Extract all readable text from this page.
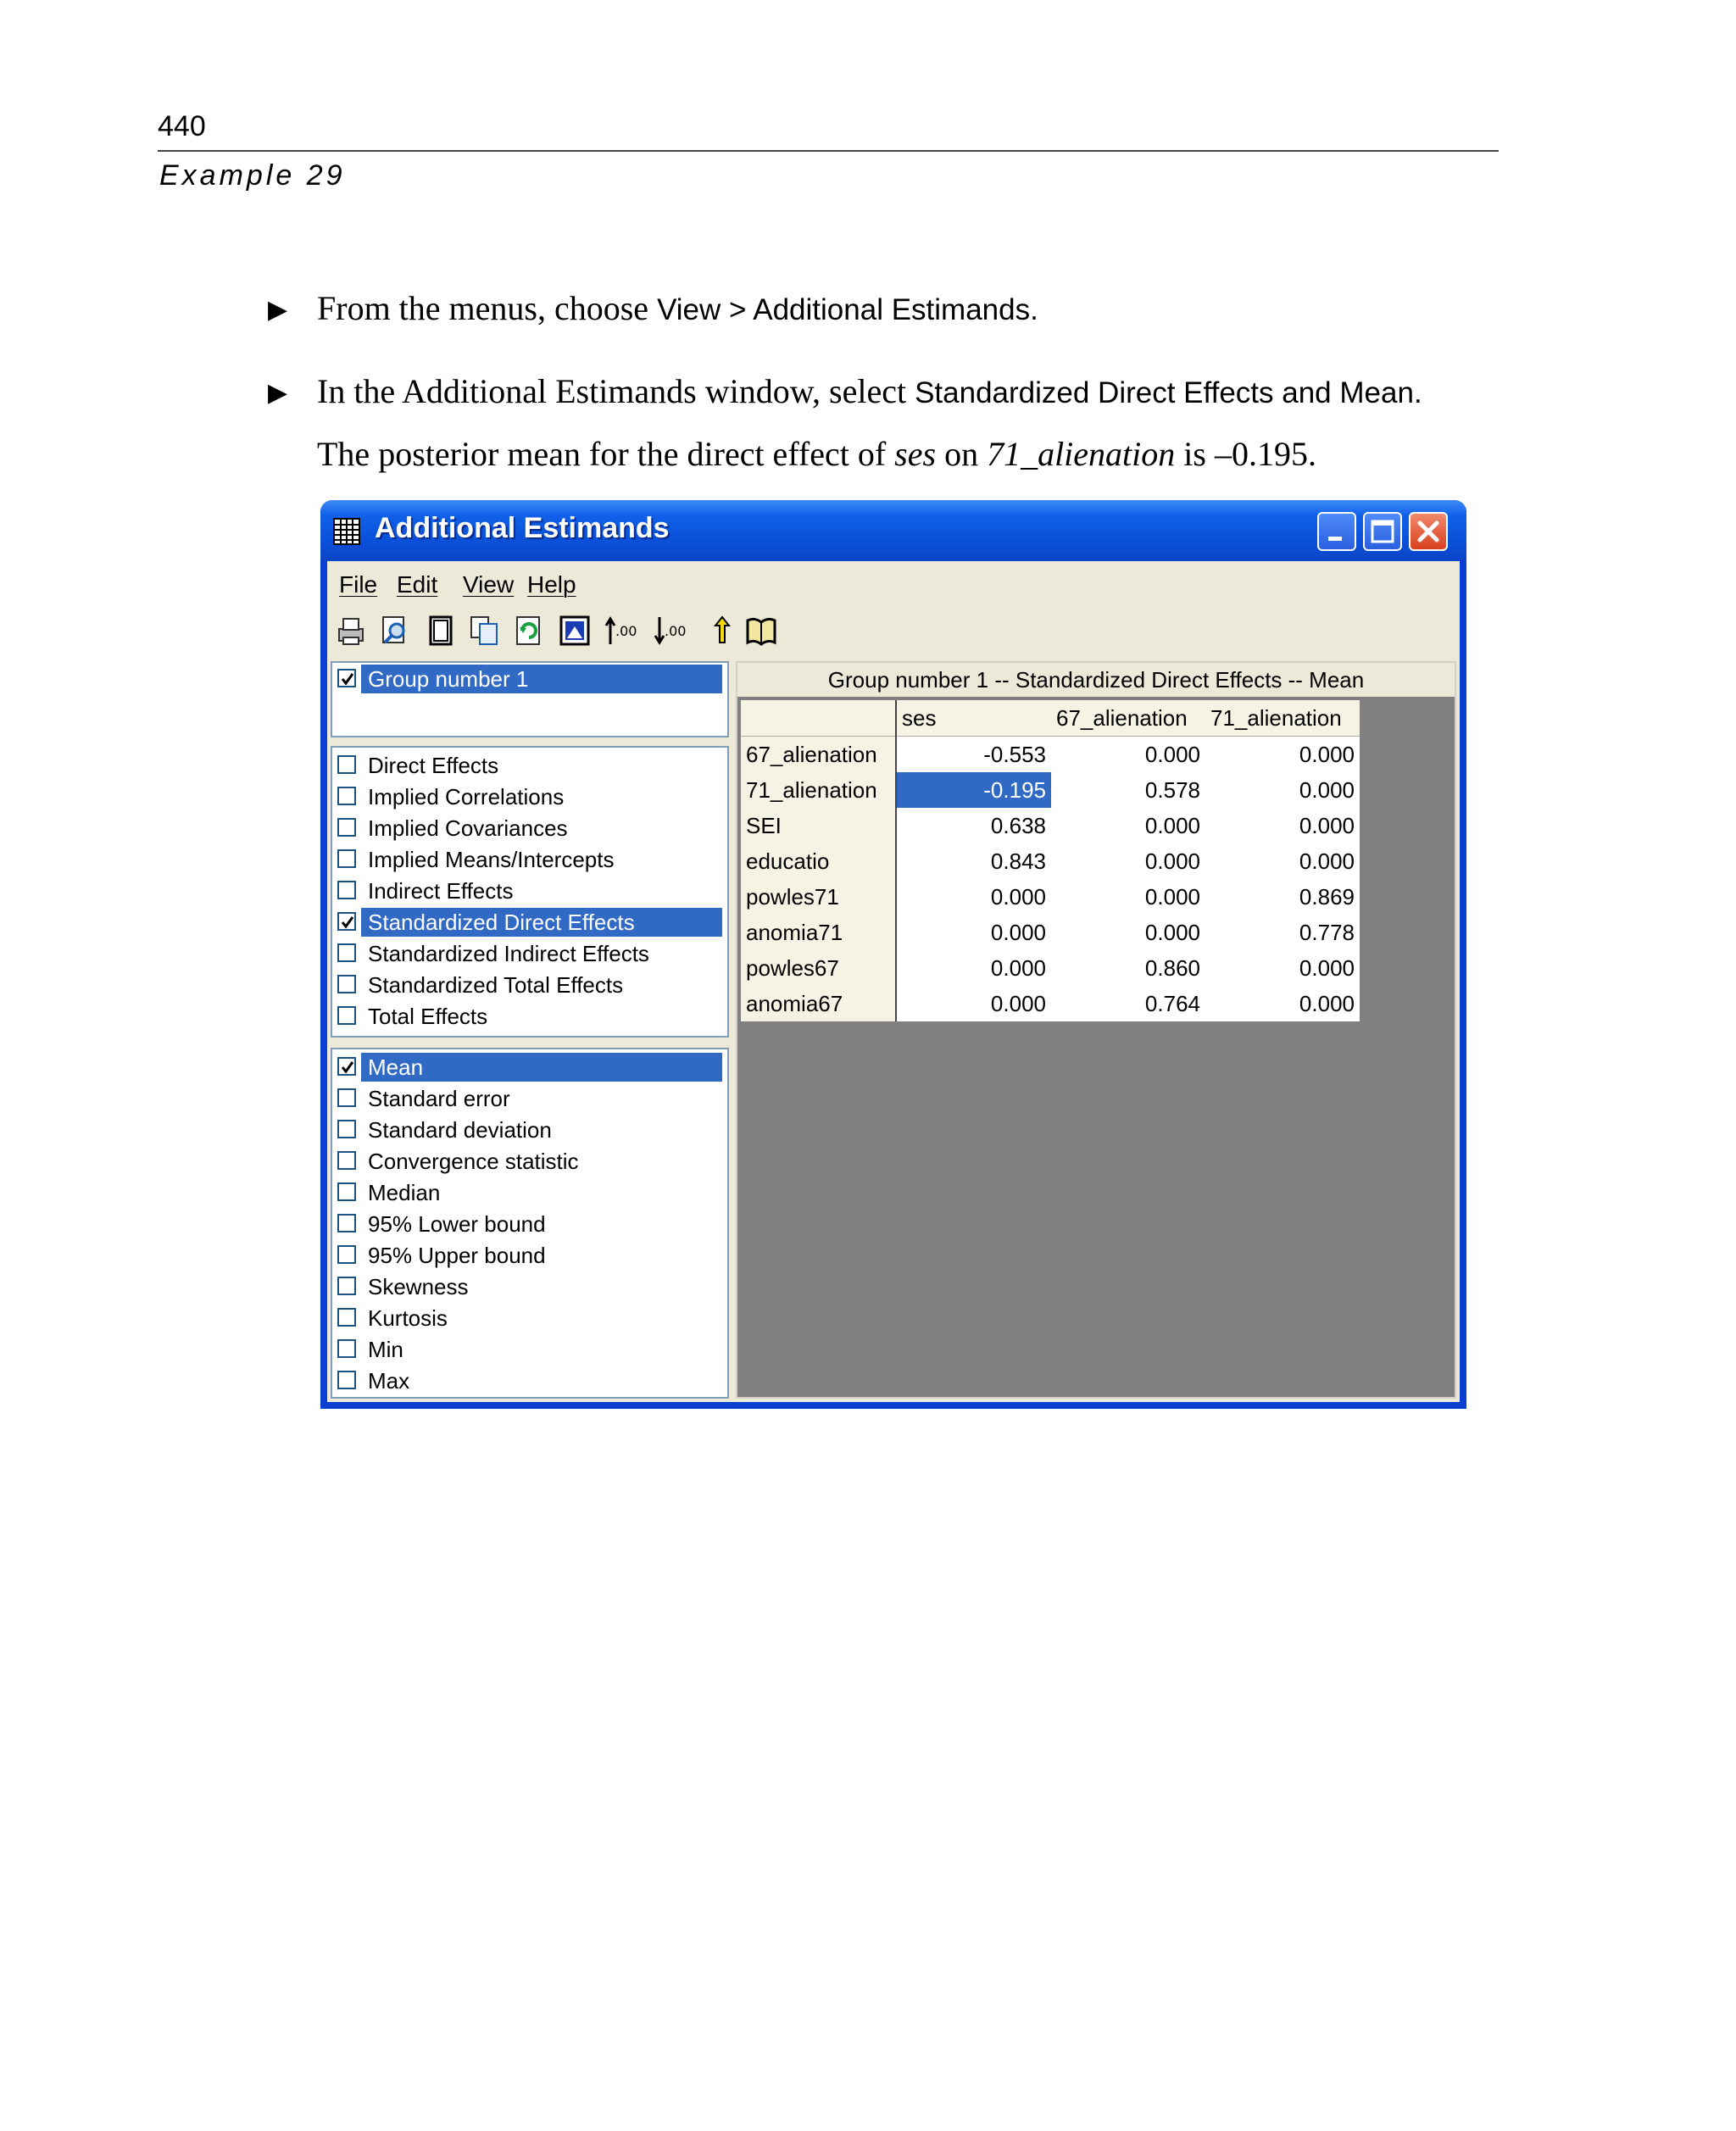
440
Example 29
▶ From the menus, choose View > Additional Estimands.
▶ In the Additional Estimands window, select Standardized Direct Effects and Mean.
The posterior mean for the direct effect of ses on 71_alienation is –0.195.
Additional Estimands
File Edit View Help
.00 .00
Group number 1
Direct Effects
Implied Correlations
Implied Covariances
Implied Means/Intercepts
Indirect Effects
Standardized Direct Effects
Standardized Indirect Effects
Standardized Total Effects
Total Effects
Mean
Standard error
Standard deviation
Convergence statistic
Median
95% Lower bound
95% Upper bound
Skewness
Kurtosis
Min
Max
Group number 1 -- Standardized Direct Effects -- Mean
	ses	67_alienation	71_alienation
67_alienation	-0.553	0.000	0.000
71_alienation	-0.195	0.578	0.000
SEI	0.638	0.000	0.000
educatio	0.843	0.000	0.000
powles71	0.000	0.000	0.869
anomia71	0.000	0.000	0.778
powles67	0.000	0.860	0.000
anomia67	0.000	0.764	0.000
